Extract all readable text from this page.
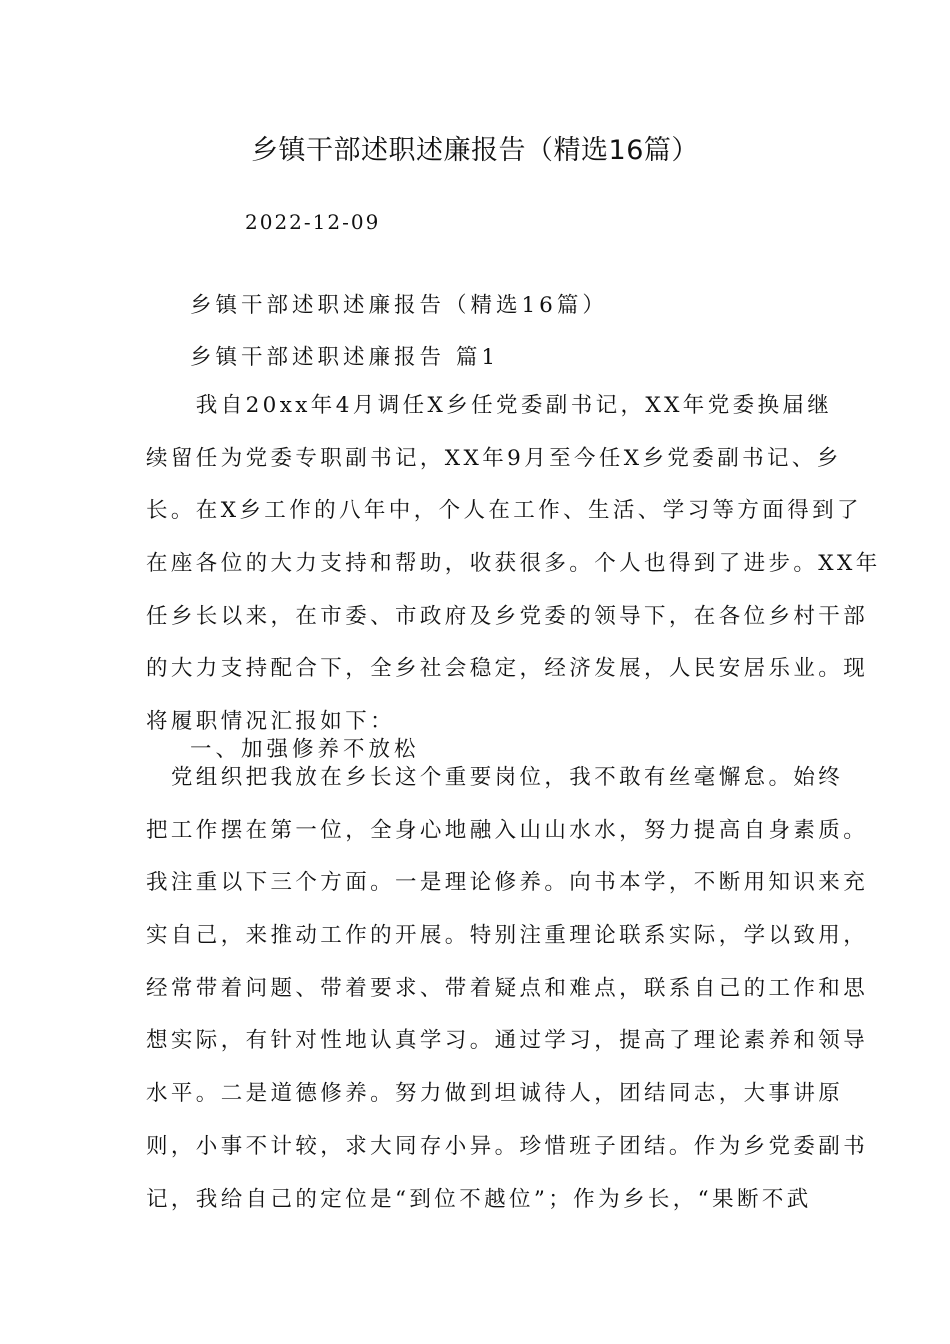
乡镇干部述职述廉报告（精选16篇）
2022-12-09
乡镇干部述职述廉报告（精选16篇）
乡镇干部述职述廉报告 篇1
　　我自20xx年4月调任X乡任党委副书记，XX年党委换届继
续留任为党委专职副书记，XX年9月至今任X乡党委副书记、乡
长。在X乡工作的八年中，个人在工作、生活、学习等方面得到了
在座各位的大力支持和帮助，收获很多。个人也得到了进步。XX年
任乡长以来，在市委、市政府及乡党委的领导下，在各位乡村干部
的大力支持配合下，全乡社会稳定，经济发展，人民安居乐业。现
将履职情况汇报如下：
一、加强修养不放松
　党组织把我放在乡长这个重要岗位，我不敢有丝毫懈怠。始终
把工作摆在第一位，全身心地融入山山水水，努力提高自身素质。
我注重以下三个方面。一是理论修养。向书本学，不断用知识来充
实自己，来推动工作的开展。特别注重理论联系实际，学以致用，
经常带着问题、带着要求、带着疑点和难点，联系自己的工作和思
想实际，有针对性地认真学习。通过学习，提高了理论素养和领导
水平。二是道德修养。努力做到坦诚待人，团结同志，大事讲原
则，小事不计较，求大同存小异。珍惜班子团结。作为乡党委副书
记，我给自己的定位是“到位不越位”；作为乡长，“果断不武
